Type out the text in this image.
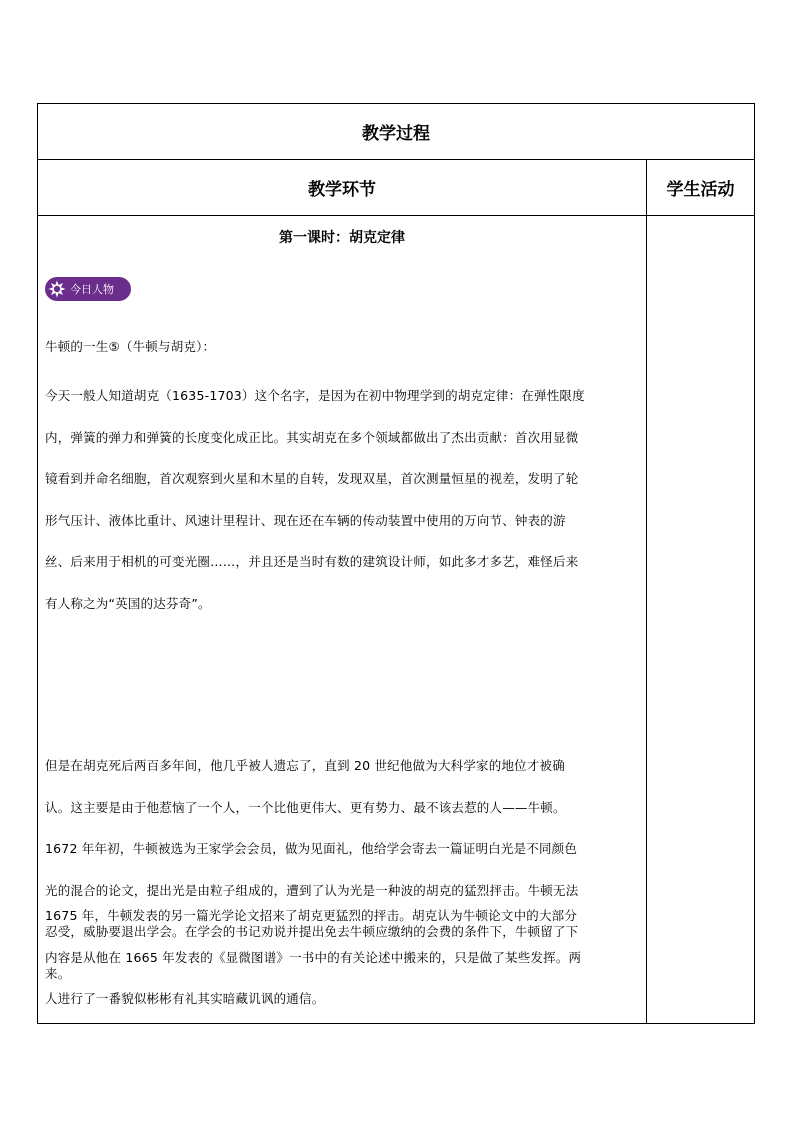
教学过程
教学环节	学生活动
第一课时：胡克定律
今日人物
牛顿的一生⑤（牛顿与胡克）：
今天一般人知道胡克（1635-1703）这个名字，是因为在初中物理学到的胡克定律：在弹性限度
内，弹簧的弹力和弹簧的长度变化成正比。其实胡克在多个领域都做出了杰出贡献：首次用显微
镜看到并命名细胞，首次观察到火星和木星的自转，发现双星，首次测量恒星的视差，发明了轮
形气压计、液体比重计、风速计里程计、现在还在车辆的传动装置中使用的万向节、钟表的游
丝、后来用于相机的可变光圈……，并且还是当时有数的建筑设计师，如此多才多艺，难怪后来
有人称之为“英国的达芬奇”。
但是在胡克死后两百多年间，他几乎被人遗忘了，直到 20 世纪他做为大科学家的地位才被确
认。这主要是由于他惹恼了一个人，一个比他更伟大、更有势力、最不该去惹的人——牛顿。
1672 年年初，牛顿被选为王家学会会员，做为见面礼，他给学会寄去一篇证明白光是不同颜色
光的混合的论文，提出光是由粒子组成的，遭到了认为光是一种波的胡克的猛烈抨击。牛顿无法
忍受，威胁要退出学会。在学会的书记劝说并提出免去牛顿应缴纳的会费的条件下，牛顿留了下
来。
1675 年，牛顿发表的另一篇光学论文招来了胡克更猛烈的抨击。胡克认为牛顿论文中的大部分
内容是从他在 1665 年发表的《显微图谱》一书中的有关论述中搬来的，只是做了某些发挥。两
人进行了一番貌似彬彬有礼其实暗藏讥讽的通信。
